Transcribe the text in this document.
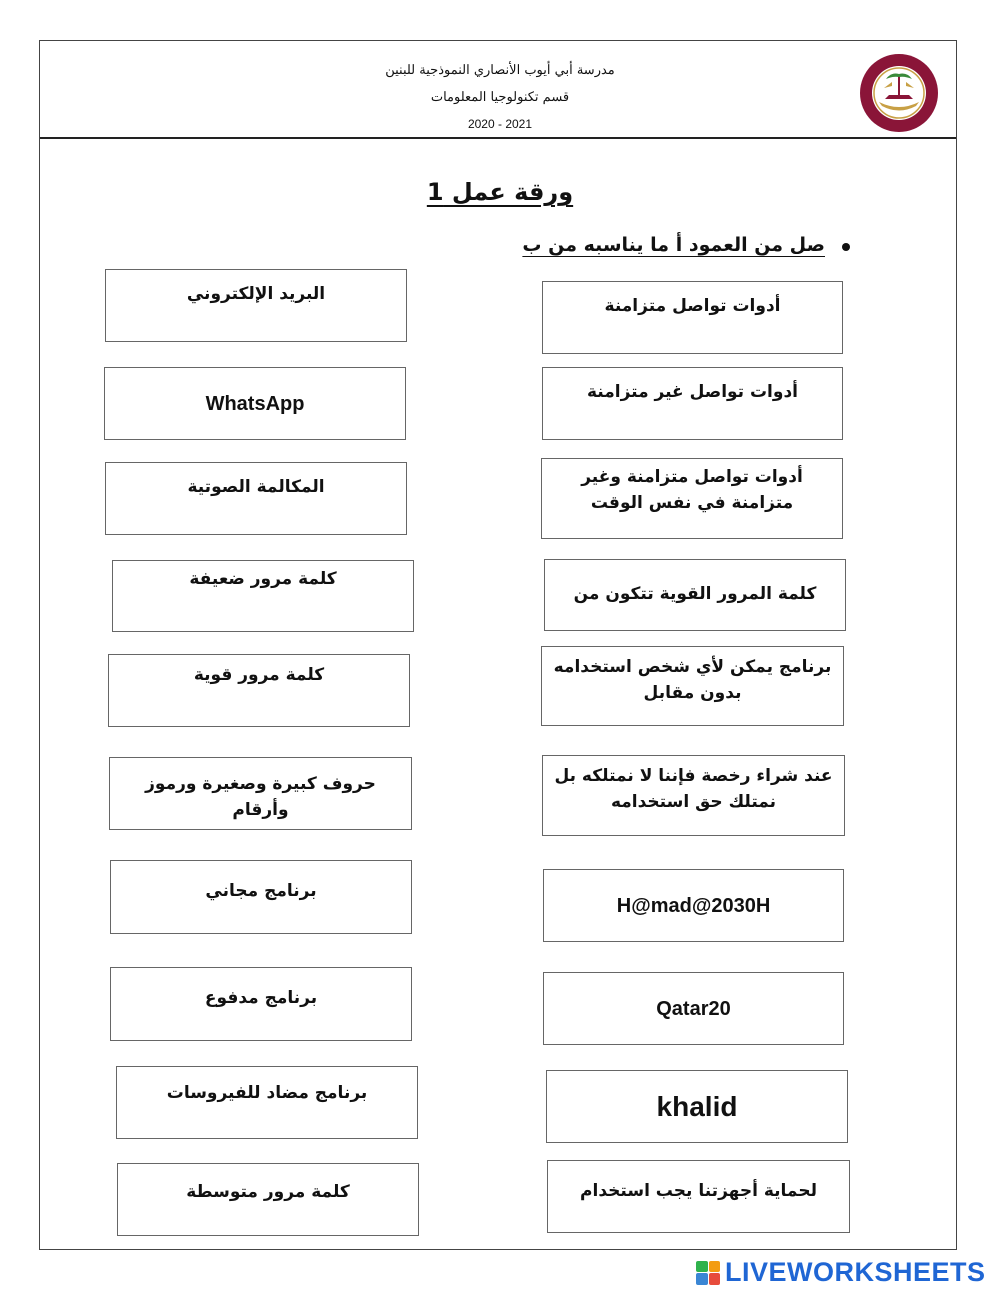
مدرسة أبي أيوب الأنصاري النموذجية للبنين
قسم تكنولوجيا المعلومات
2021 - 2020
ورقة عمل 1
صل من العمود أ ما يناسبه من ب
أدوات تواصل متزامنة
أدوات تواصل غير متزامنة
أدوات تواصل متزامنة وغير متزامنة في نفس الوقت
كلمة المرور القوية تتكون من
برنامج يمكن لأي شخص استخدامه بدون مقابل
عند شراء رخصة فإننا لا نمتلكه بل نمتلك حق استخدامه
H@mad@2030H
Qatar20
khalid
لحماية أجهزتنا يجب استخدام
البريد الإلكتروني
WhatsApp
المكالمة الصوتية
كلمة مرور ضعيفة
كلمة مرور قوية
حروف كبيرة وصغيرة ورموز وأرقام
برنامج مجاني
برنامج مدفوع
برنامج مضاد للفيروسات
كلمة مرور متوسطة
LIVEWORKSHEETS
